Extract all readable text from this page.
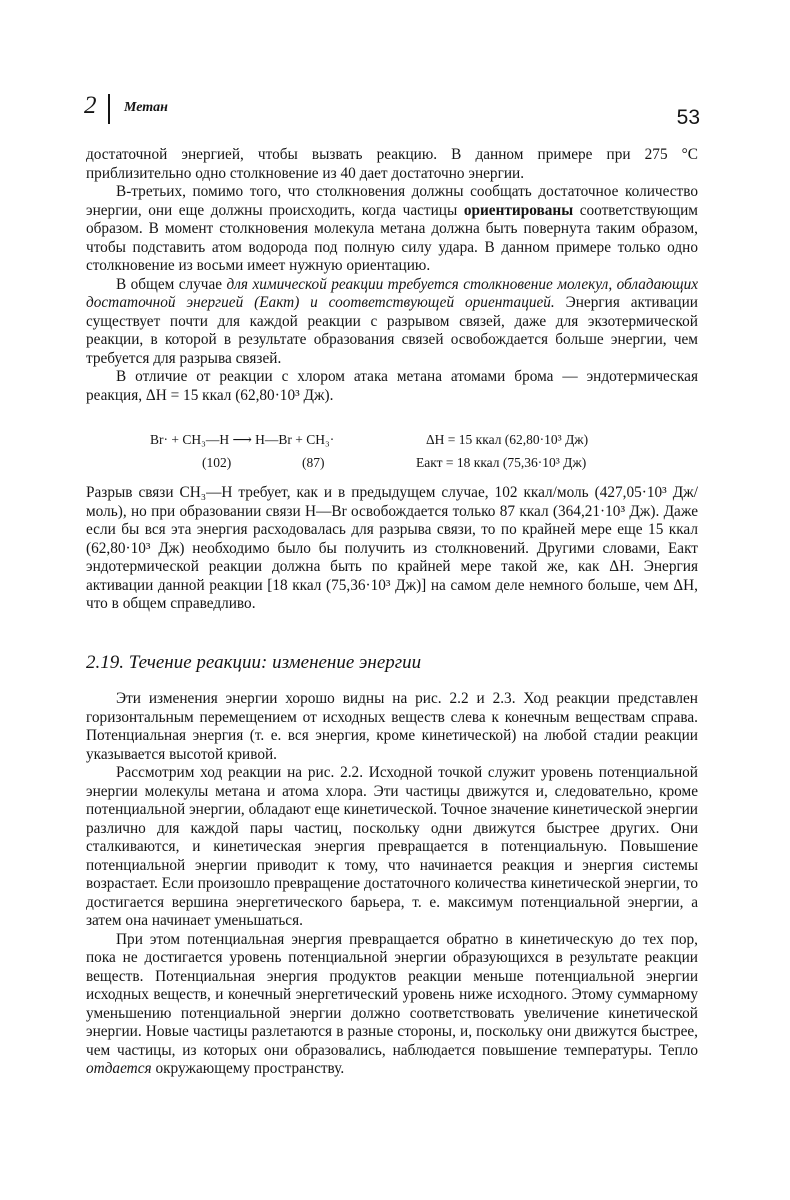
2 Метан	53

достаточной энергией, чтобы вызвать реакцию. В данном примере при 275 °С приблизительно одно столкновение из 40 дает достаточно энергии.

В-третьих, помимо того, что столкновения должны сообщать достаточное количество энергии, они еще должны происходить, когда частицы ориентированы соответствующим образом. В момент столкновения молекула метана должна быть повернута таким образом, чтобы подставить атом водорода под полную силу удара. В данном примере только одно столкновение из восьми имеет нужную ориентацию.

В общем случае для химической реакции требуется столкновение молекул, обладающих достаточной энергией (Eакт) и соответствующей ориентацией. Энергия активации существует почти для каждой реакции с разрывом связей, даже для экзотермической реакции, в которой в результате образования связей освобождается больше энергии, чем требуется для разрыва связей.

В отличие от реакции с хлором атака метана атомами брома — эндотермическая реакция, ΔH = 15 ккал (62,80·10³ Дж).

Br· + CH₃—H ⟶ H—Br + CH₃·	ΔH = 15 ккал (62,80·10³ Дж)
(102)	(87)	Eакт = 18 ккал (75,36·10³ Дж)

Разрыв связи CH₃—H требует, как и в предыдущем случае, 102 ккал/моль (427,05·10³ Дж/моль), но при образовании связи H—Br освобождается только 87 ккал (364,21·10³ Дж). Даже если бы вся эта энергия расходовалась для разрыва связи, то по крайней мере еще 15 ккал (62,80·10³ Дж) необходимо было бы получить из столкновений. Другими словами, Eакт эндотермической реакции должна быть по крайней мере такой же, как ΔH. Энергия активации данной реакции [18 ккал (75,36·10³ Дж)] на самом деле немного больше, чем ΔH, что в общем справедливо.

2.19. Течение реакции: изменение энергии

Эти изменения энергии хорошо видны на рис. 2.2 и 2.3. Ход реакции представлен горизонтальным перемещением от исходных веществ слева к конечным веществам справа. Потенциальная энергия (т. е. вся энергия, кроме кинетической) на любой стадии реакции указывается высотой кривой.

Рассмотрим ход реакции на рис. 2.2. Исходной точкой служит уровень потенциальной энергии молекулы метана и атома хлора. Эти частицы движутся и, следовательно, кроме потенциальной энергии, обладают еще кинетической. Точное значение кинетической энергии различно для каждой пары частиц, поскольку одни движутся быстрее других. Они сталкиваются, и кинетическая энергия превращается в потенциальную. Повышение потенциальной энергии приводит к тому, что начинается реакция и энергия системы возрастает. Если произошло превращение достаточного количества кинетической энергии, то достигается вершина энергетического барьера, т. е. максимум потенциальной энергии, а затем она начинает уменьшаться.

При этом потенциальная энергия превращается обратно в кинетическую до тех пор, пока не достигается уровень потенциальной энергии образующихся в результате реакции веществ. Потенциальная энергия продуктов реакции меньше потенциальной энергии исходных веществ, и конечный энергетический уровень ниже исходного. Этому суммарному уменьшению потенциальной энергии должно соответствовать увеличение кинетической энергии. Новые частицы разлетаются в разные стороны, и, поскольку они движутся быстрее, чем частицы, из которых они образовались, наблюдается повышение температуры. Тепло отдается окружающему пространству.
